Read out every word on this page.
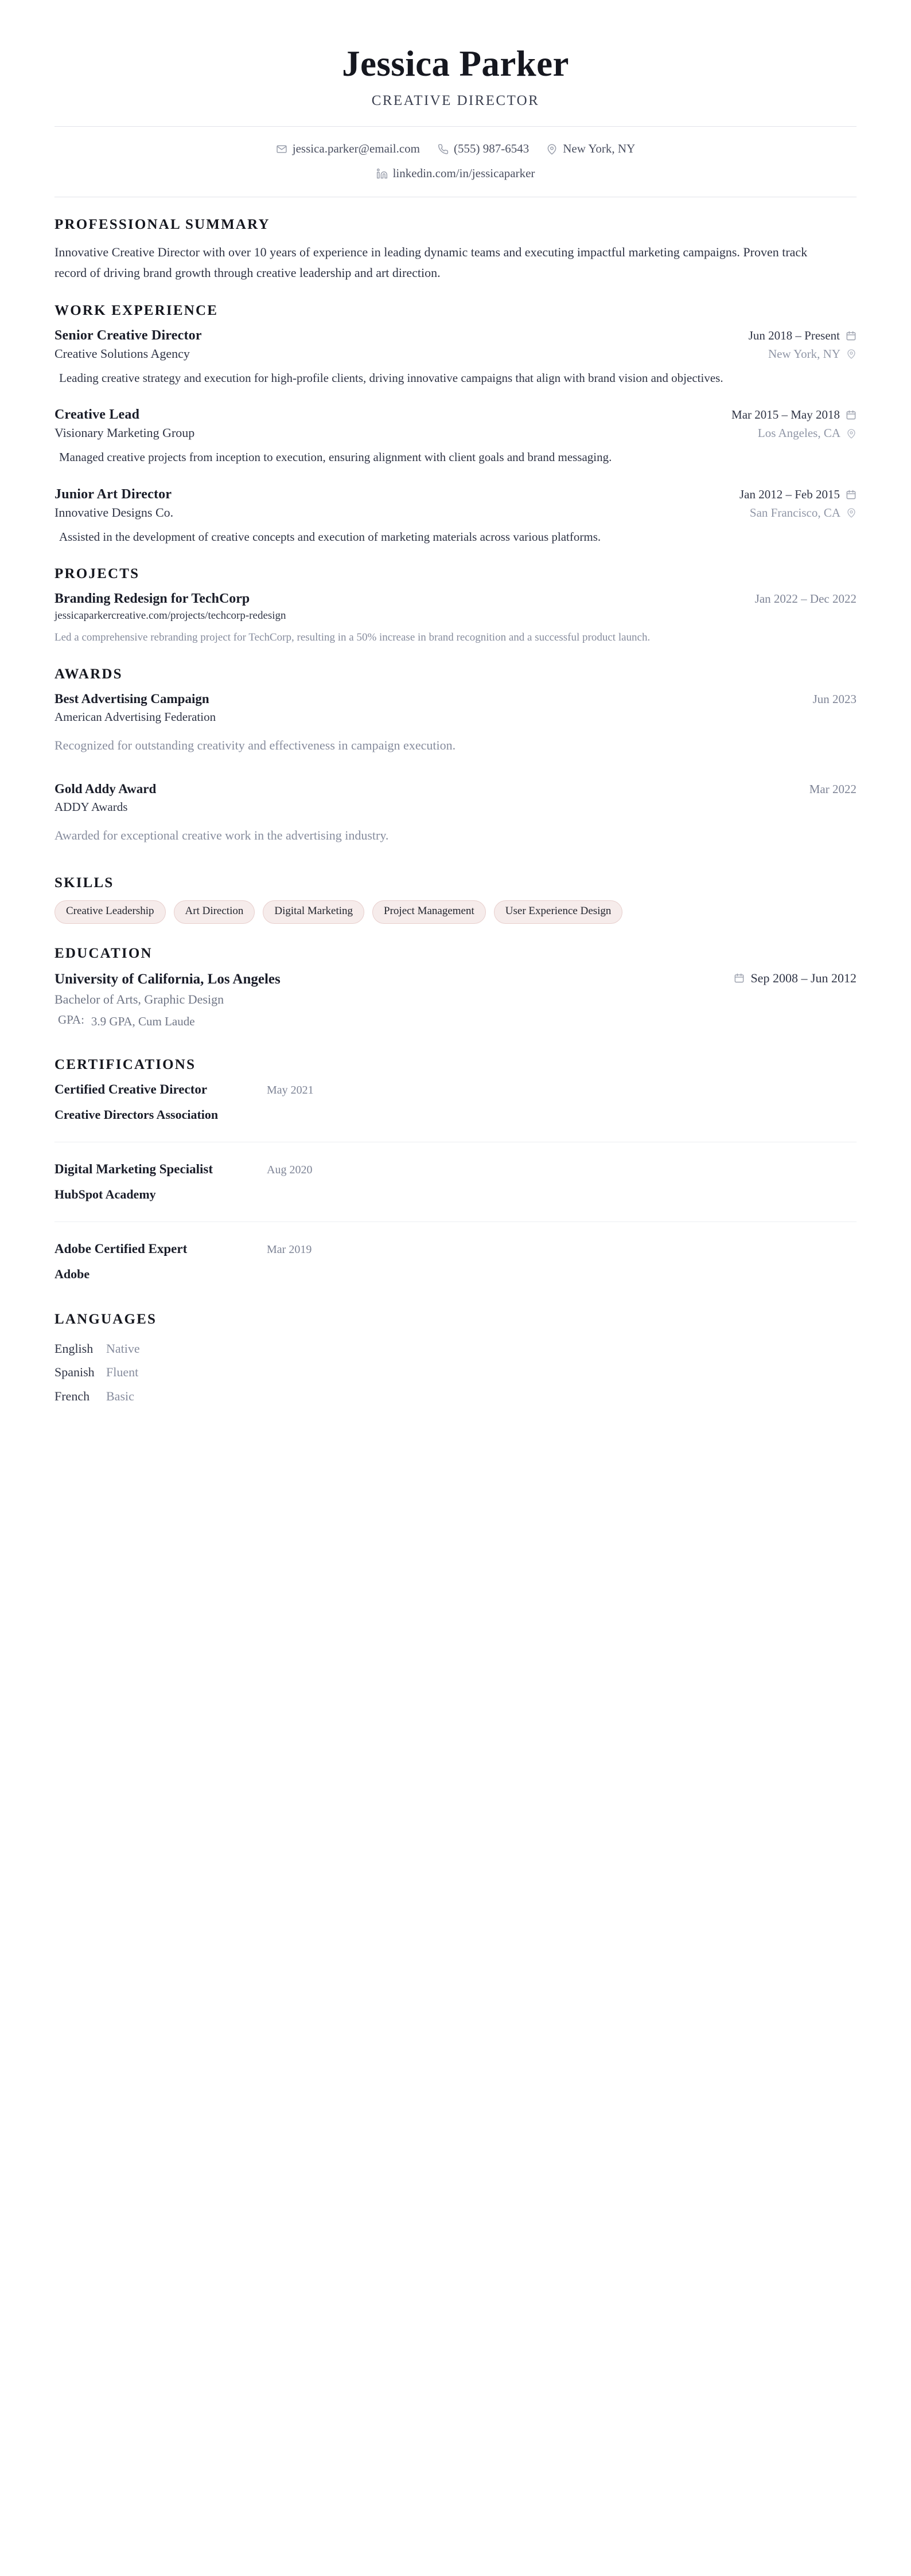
Jessica Parker
CREATIVE DIRECTOR
jessica.parker@email.com	(555) 987-6543	New York, NY
linkedin.com/in/jessicaparker
PROFESSIONAL SUMMARY
Innovative Creative Director with over 10 years of experience in leading dynamic teams and executing impactful marketing campaigns. Proven track record of driving brand growth through creative leadership and art direction.
WORK EXPERIENCE
Senior Creative Director	Jun 2018 – Present
Creative Solutions Agency	New York, NY
Leading creative strategy and execution for high-profile clients, driving innovative campaigns that align with brand vision and objectives.
Creative Lead	Mar 2015 – May 2018
Visionary Marketing Group	Los Angeles, CA
Managed creative projects from inception to execution, ensuring alignment with client goals and brand messaging.
Junior Art Director	Jan 2012 – Feb 2015
Innovative Designs Co.	San Francisco, CA
Assisted in the development of creative concepts and execution of marketing materials across various platforms.
PROJECTS
Branding Redesign for TechCorp	Jan 2022 – Dec 2022
jessicaparkercreative.com/projects/techcorp-redesign
Led a comprehensive rebranding project for TechCorp, resulting in a 50% increase in brand recognition and a successful product launch.
AWARDS
Best Advertising Campaign	Jun 2023
American Advertising Federation
Recognized for outstanding creativity and effectiveness in campaign execution.
Gold Addy Award	Mar 2022
ADDY Awards
Awarded for exceptional creative work in the advertising industry.
SKILLS
Creative Leadership	Art Direction	Digital Marketing	Project Management	User Experience Design
EDUCATION
University of California, Los Angeles	Sep 2008 – Jun 2012
Bachelor of Arts, Graphic Design
GPA: 3.9 GPA, Cum Laude
CERTIFICATIONS
Certified Creative Director	May 2021
Creative Directors Association
Digital Marketing Specialist	Aug 2020
HubSpot Academy
Adobe Certified Expert	Mar 2019
Adobe
LANGUAGES
English	Native
Spanish Fluent
French	Basic
